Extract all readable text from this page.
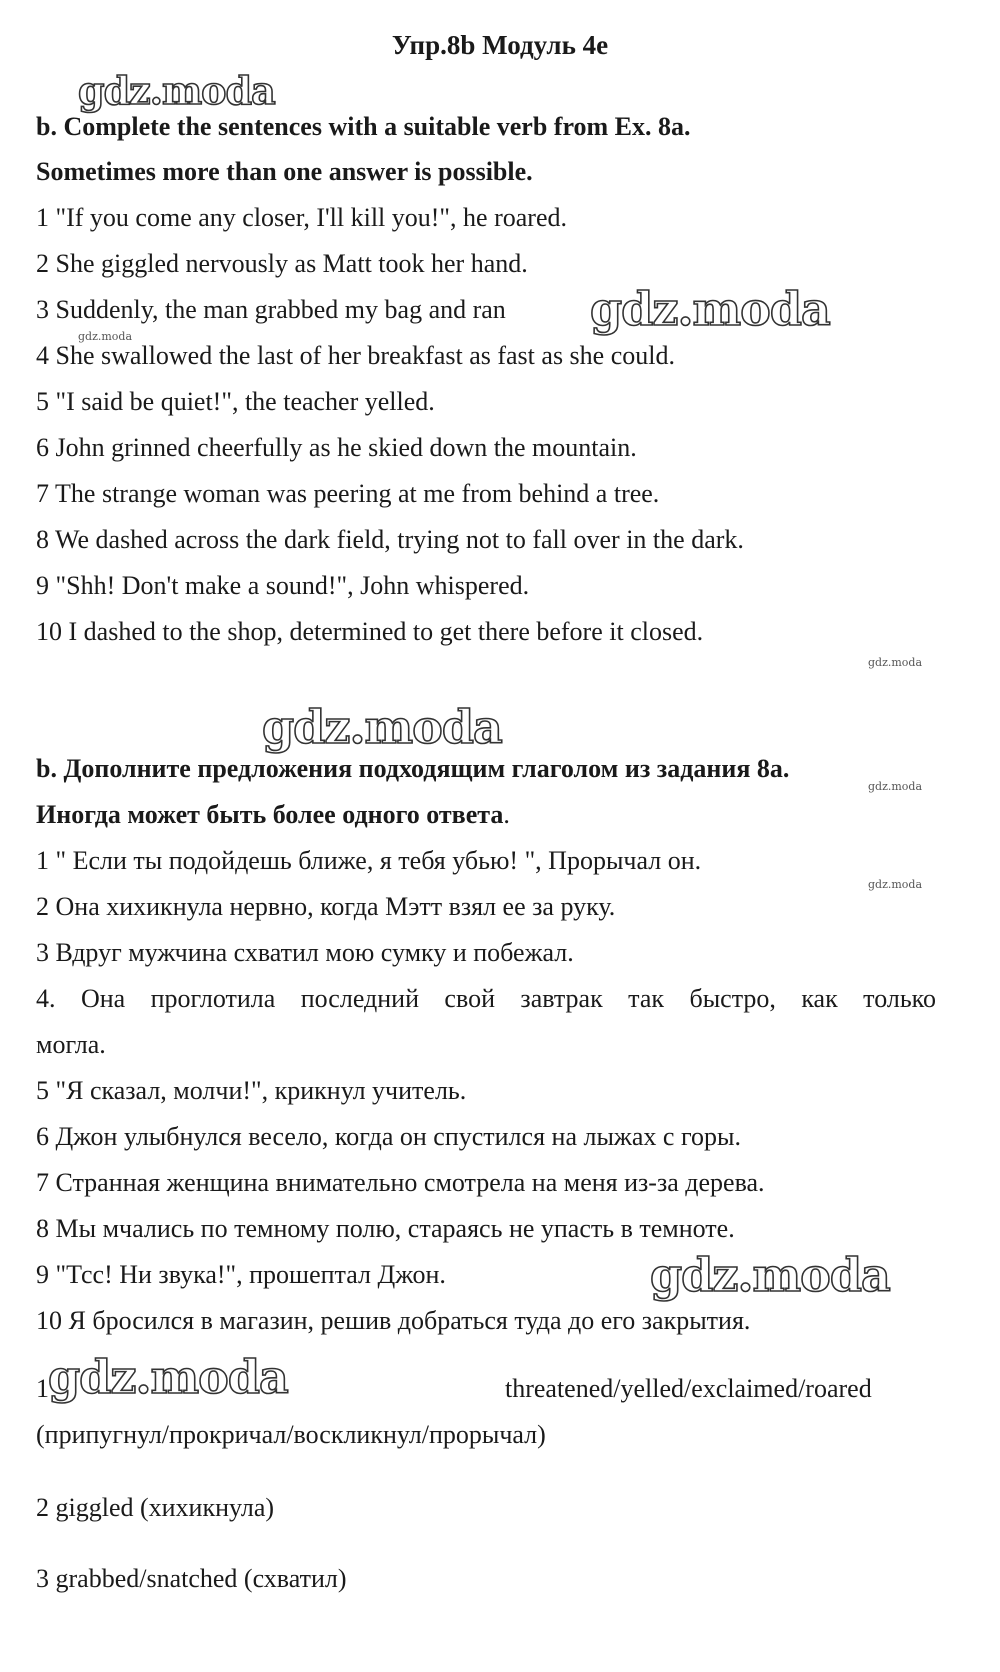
Упр.8b Модуль 4e
gdz.moda
gdz.moda
gdz.moda
gdz.moda
gdz.moda
gdz.moda
gdz.moda
gdz.moda
gdz.moda
b. Complete the sentences with a suitable verb from Ex. 8a.
Sometimes more than one answer is possible.
1 "If you come any closer, I'll kill you!", he roared.
2 She giggled nervously as Matt took her hand.
3 Suddenly, the man grabbed my bag and ran
4 She swallowed the last of her breakfast as fast as she could.
5 "I said be quiet!", the teacher yelled.
6 John grinned cheerfully as he skied down the mountain.
7 The strange woman was peering at me from behind a tree.
8 We dashed across the dark field, trying not to fall over in the dark.
9 "Shh! Don't make a sound!", John whispered.
10 I dashed to the shop, determined to get there before it closed.
b. Дополните предложения подходящим глаголом из задания 8a.
Иногда может быть более одного ответа.
1 " Если ты подойдешь ближе, я тебя убью! ", Прорычал он.
2 Она хихикнула нервно, когда Мэтт взял ее за руку.
3 Вдруг мужчина схватил мою сумку и побежал.
4. Она проглотила последний свой завтрак так быстро, как только
могла.
5 "Я сказал, молчи!", крикнул учитель.
6 Джон улыбнулся весело, когда он спустился на лыжах с горы.
7 Странная женщина внимательно смотрела на меня из-за дерева.
8 Мы мчались по темному полю, стараясь не упасть в темноте.
9 "Тсс! Ни звука!", прошептал Джон.
10 Я бросился в магазин, решив добраться туда до его закрытия.
1	threatened/yelled/exclaimed/roared
(припугнул/прокричал/воскликнул/прорычал)
2 giggled (хихикнула)
3 grabbed/snatched (схватил)
